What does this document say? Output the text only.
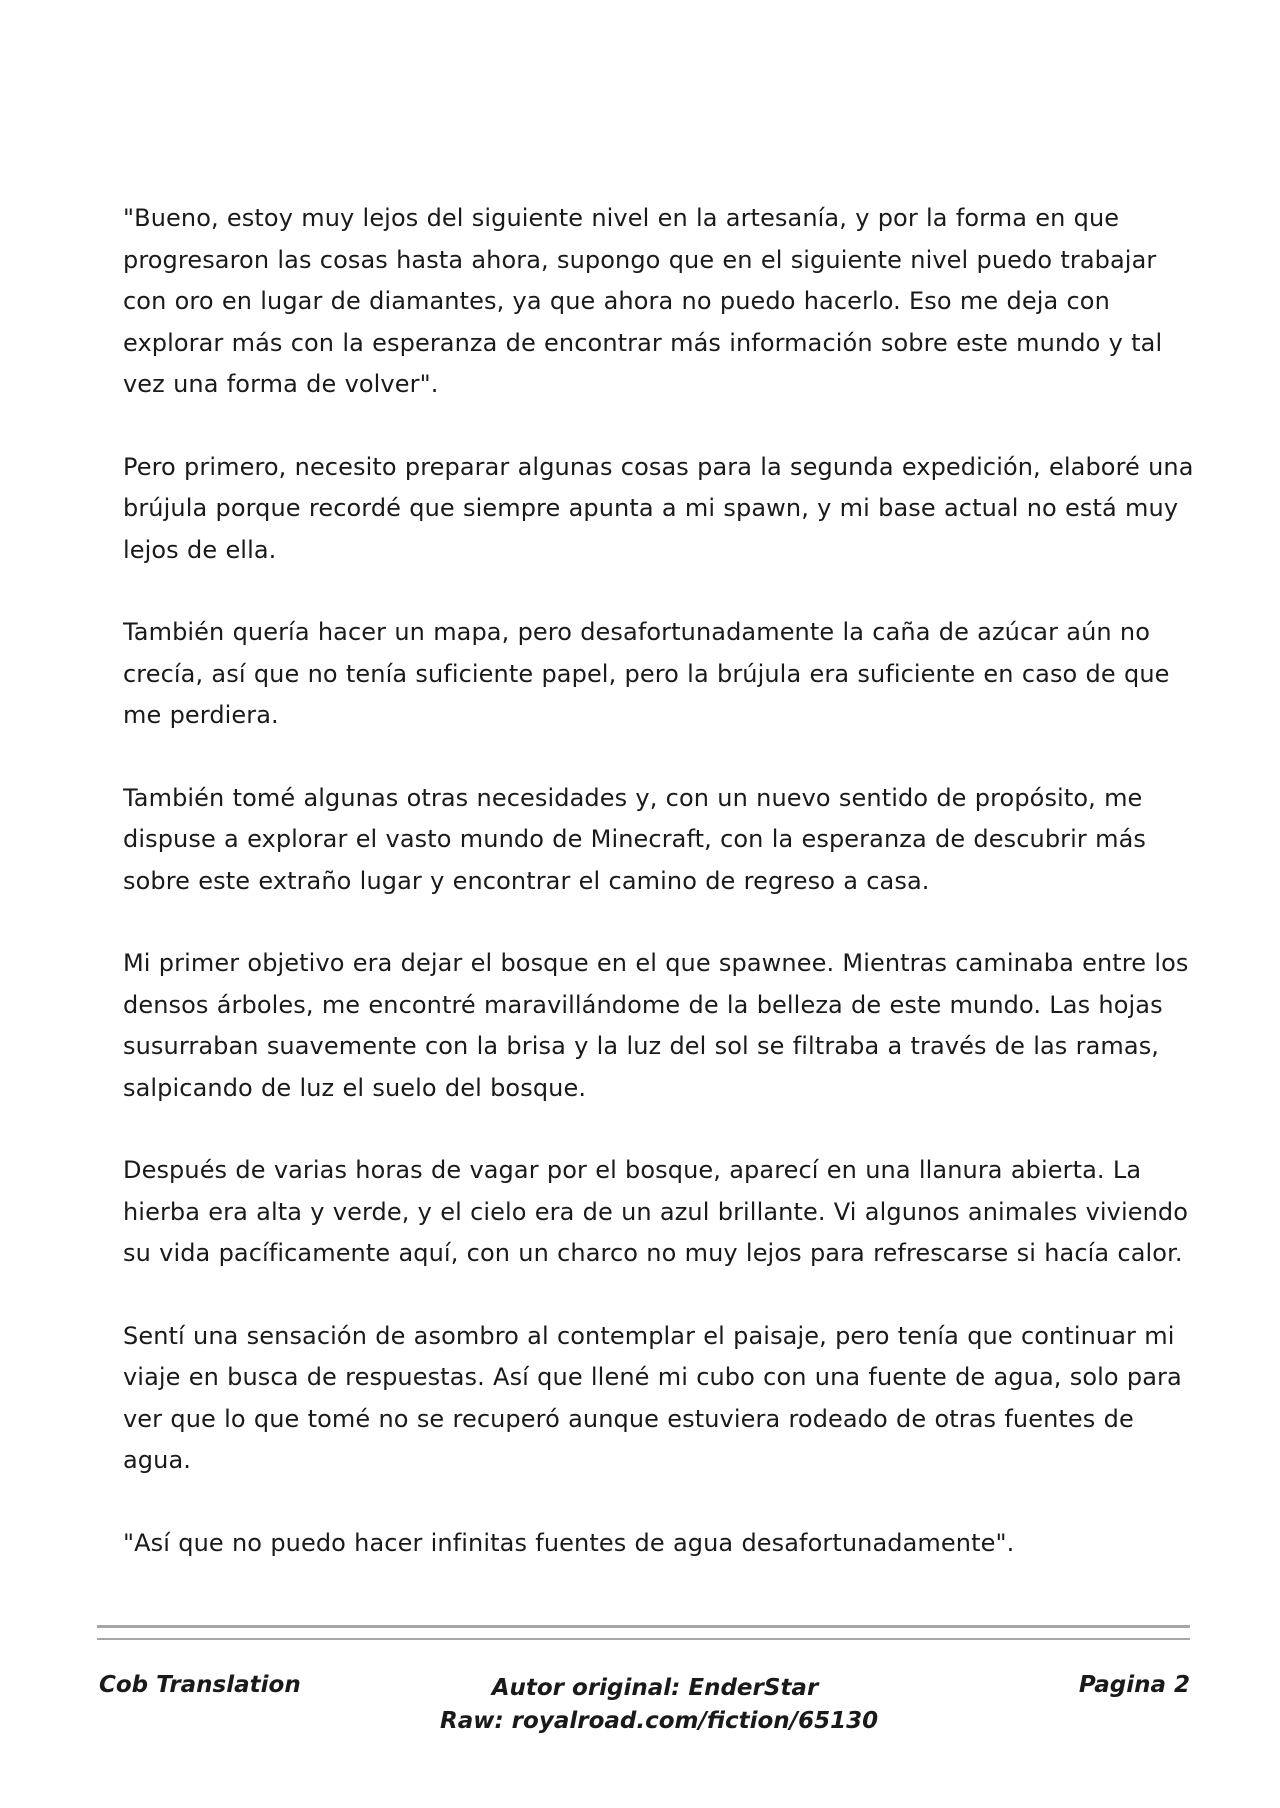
"Bueno, estoy muy lejos del siguiente nivel en la artesanía, y por la forma en que progresaron las cosas hasta ahora, supongo que en el siguiente nivel puedo trabajar con oro en lugar de diamantes, ya que ahora no puedo hacerlo. Eso me deja con explorar más con la esperanza de encontrar más información sobre este mundo y tal vez una forma de volver".

Pero primero, necesito preparar algunas cosas para la segunda expedición, elaboré una brújula porque recordé que siempre apunta a mi spawn, y mi base actual no está muy lejos de ella.

También quería hacer un mapa, pero desafortunadamente la caña de azúcar aún no crecía, así que no tenía suficiente papel, pero la brújula era suficiente en caso de que me perdiera.

También tomé algunas otras necesidades y, con un nuevo sentido de propósito, me dispuse a explorar el vasto mundo de Minecraft, con la esperanza de descubrir más sobre este extraño lugar y encontrar el camino de regreso a casa.

Mi primer objetivo era dejar el bosque en el que spawnee. Mientras caminaba entre los densos árboles, me encontré maravillándome de la belleza de este mundo. Las hojas susurraban suavemente con la brisa y la luz del sol se filtraba a través de las ramas, salpicando de luz el suelo del bosque.

Después de varias horas de vagar por el bosque, aparecí en una llanura abierta. La hierba era alta y verde, y el cielo era de un azul brillante. Vi algunos animales viviendo su vida pacíficamente aquí, con un charco no muy lejos para refrescarse si hacía calor.

Sentí una sensación de asombro al contemplar el paisaje, pero tenía que continuar mi viaje en busca de respuestas. Así que llené mi cubo con una fuente de agua, solo para ver que lo que tomé no se recuperó aunque estuviera rodeado de otras fuentes de agua.

"Así que no puedo hacer infinitas fuentes de agua desafortunadamente".

Cob Translation	Autor original: EnderStar
Raw: royalroad.com/fiction/65130
Pagina 2
